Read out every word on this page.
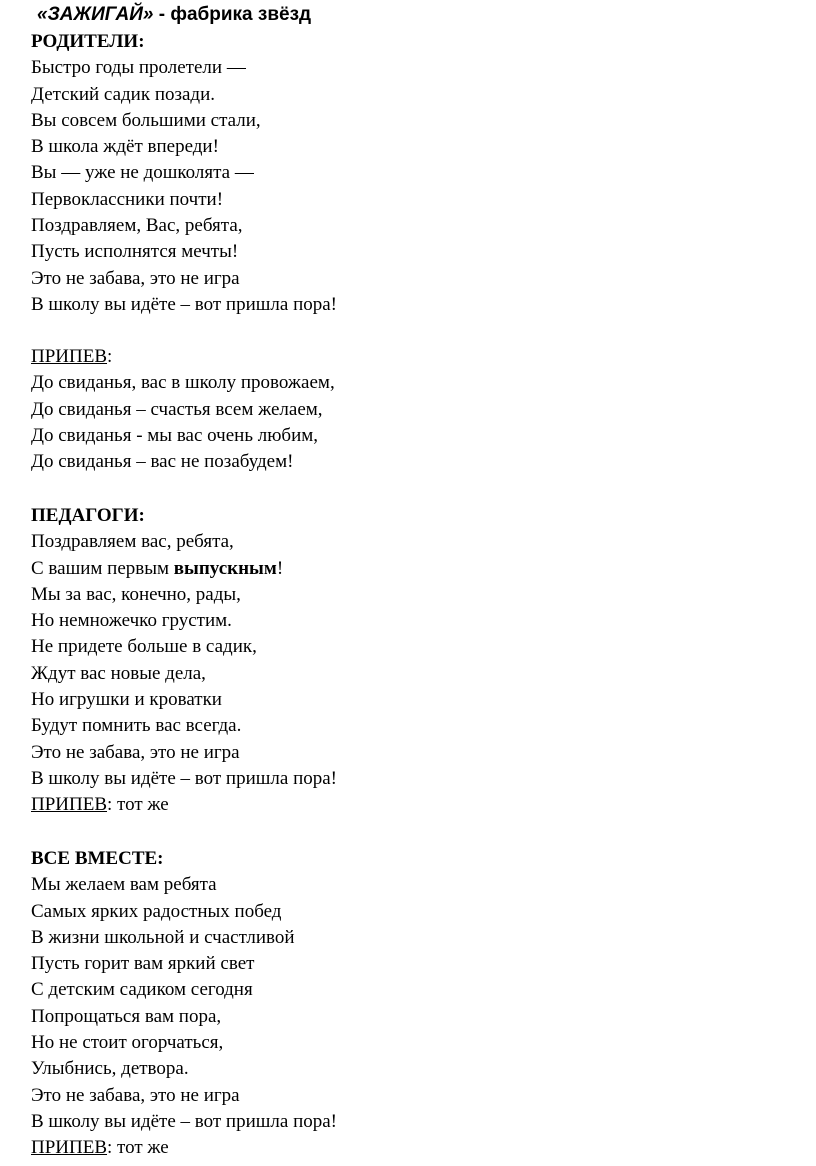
«ЗАЖИГАЙ» - фабрика звёзд
РОДИТЕЛИ:
Быстро годы пролетели —
Детский садик позади.
Вы совсем большими стали,
В школа ждёт впереди!
Вы — уже не дошколята —
Первоклассники почти!
Поздравляем, Вас, ребята,
Пусть исполнятся мечты!
Это не забава, это не игра
В школу вы идёте – вот пришла пора!
ПРИПЕВ:
До свиданья, вас в школу провожаем,
До свиданья – счастья всем желаем,
До свиданья - мы вас очень любим,
До свиданья – вас не позабудем!
ПЕДАГОГИ:
Поздравляем вас, ребята,
С вашим первым выпускным!
Мы за вас, конечно, рады,
Но немножечко грустим.
Не придете больше в садик,
Ждут вас новые дела,
Но игрушки и кроватки
Будут помнить вас всегда.
Это не забава, это не игра
В школу вы идёте – вот пришла пора!
ПРИПЕВ: тот же
ВСЕ ВМЕСТЕ:
Мы желаем вам ребята
Самых ярких радостных побед
В жизни школьной и счастливой
Пусть горит вам яркий свет
С детским садиком сегодня
Попрощаться вам пора,
Но не стоит огорчаться,
Улыбнись, детвора.
Это не забава, это не игра
В школу вы идёте – вот пришла пора!
ПРИПЕВ: тот же
